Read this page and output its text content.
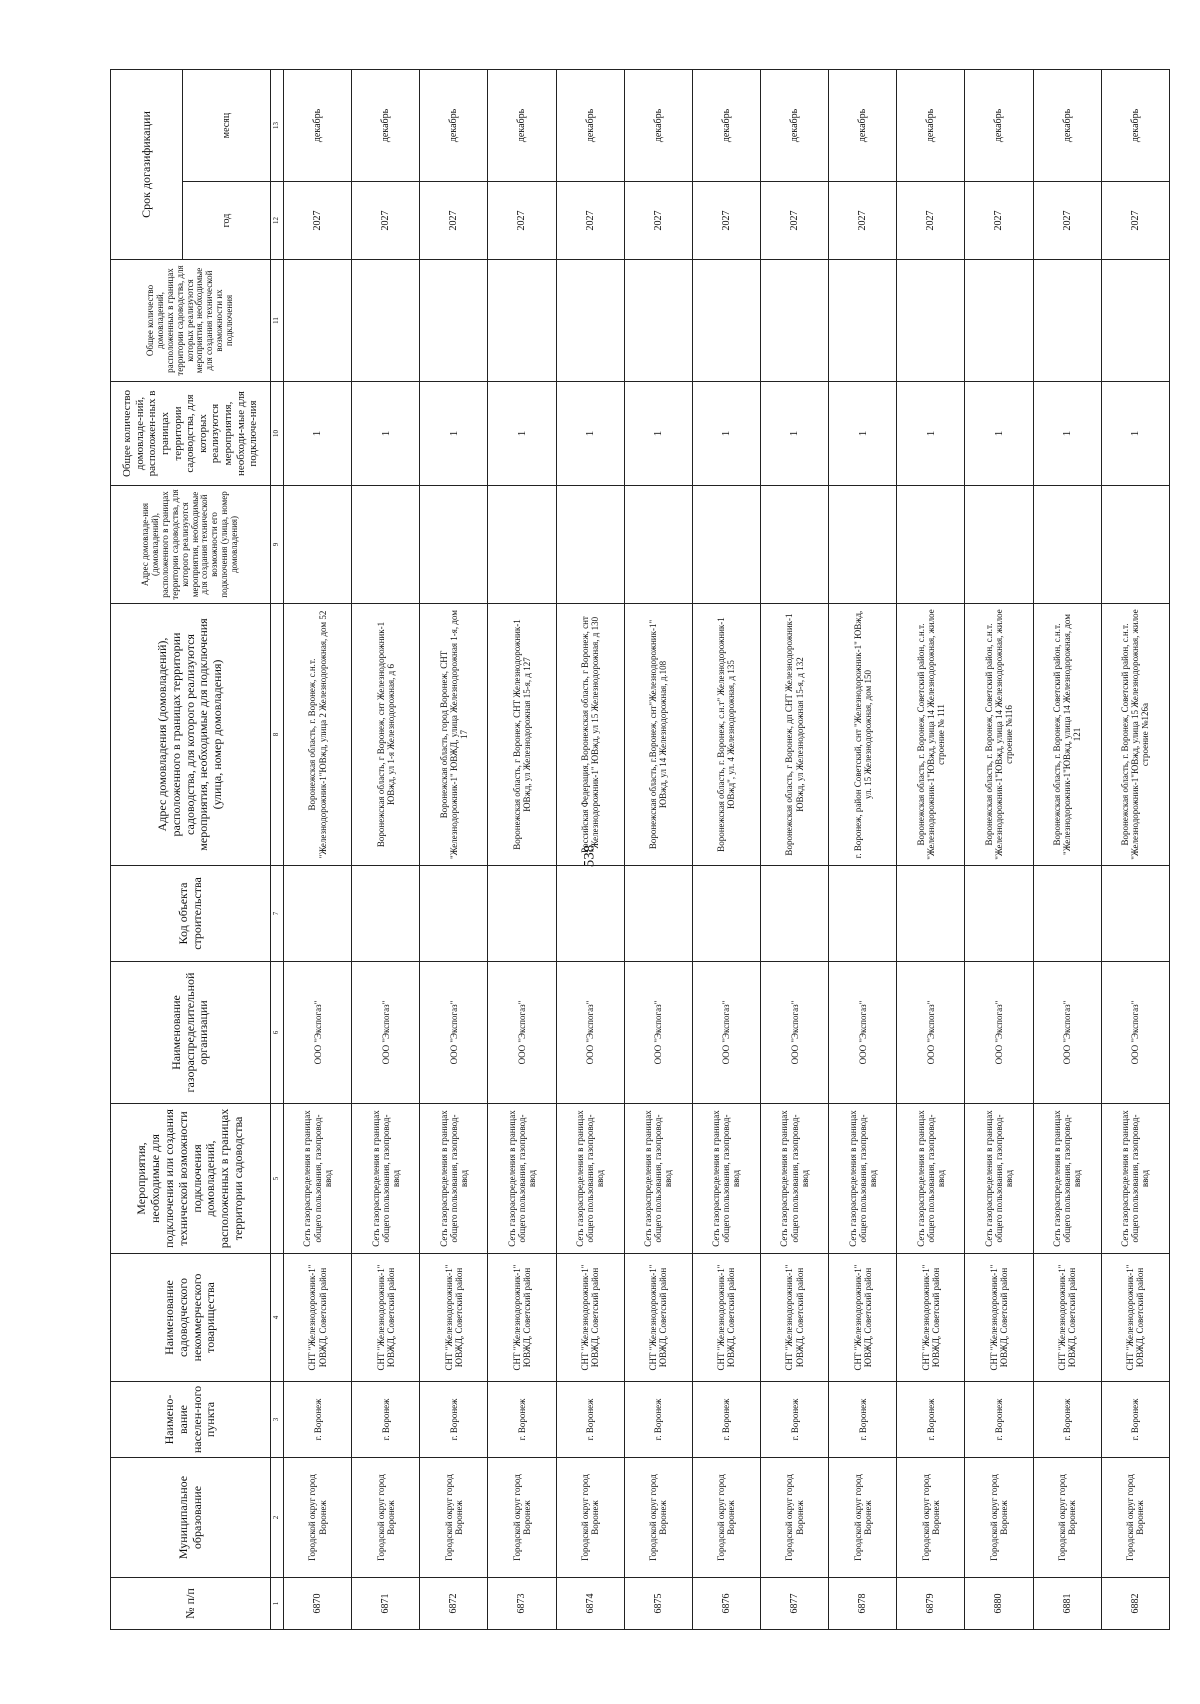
538
№ п/п	Муниципальное образование	Наимено-вание населен-ного пункта	Наименование садоводческого некоммерческого товарищества	Мероприятия, необходимые для подключения или создания технической возможности подключения домовладений, расположенных в границах территории садоводства	Наименование газораспределительной организации	Код объекта строительства	Адрес домовладения (домовладений), расположенного в границах территории садоводства, для которого реализуются мероприятия, необходимые для подключения (улица, номер домовладения)	Адрес домовладе-ния (домовладений), расположенного в границах территории садоводства, для которого реализуются мероприятия, необходимые для создания технической возможности его подключения (улица, номер домовладения)	Общее количество домовладе-ний, расположен-ных в границах территории садоводства, для которых реализуются мероприятия, необходи-мые для подключе-ния	Общее количество домовладений, расположенных в границах территории садоводства, для которых реализуются мероприятия, необходимые для создания технической возможности их подключения	Срок догазификации	
											год	месяц
1	2	3	4	5	6	7	8	9	10	11	12	13
6870	Городской округ город Воронеж	г. Воронеж	СНТ "Железнодорожник-1" ЮВЖД, Советский район	Сеть газораспределения в границах общего пользования, газопровод-ввод	ООО "Экспогаз"		Воронежская область, г. Воронеж, с.н.т. "Железнодорожник-1"ЮВжд, улица 2 Железнодорожная, дом 52		1		2027	декабрь
6871	Городской округ город Воронеж	г. Воронеж	СНТ "Железнодорожник-1" ЮВЖД, Советский район	Сеть газораспределения в границах общего пользования, газопровод-ввод	ООО "Экспогаз"		Воронежская область, г Воронеж, снт Железнодорожник-1 ЮВжд, ул 1-я Железнодорожная, д 6		1		2027	декабрь
6872	Городской округ город Воронеж	г. Воронеж	СНТ "Железнодорожник-1" ЮВЖД, Советский район	Сеть газораспределения в границах общего пользования, газопровод-ввод	ООО "Экспогаз"		Воронежская область, город Воронеж, СНТ "Железнодорожник-1" ЮВЖД, улица Железнодорожная 1-я, дом 17		1		2027	декабрь
6873	Городской округ город Воронеж	г. Воронеж	СНТ "Железнодорожник-1" ЮВЖД, Советский район	Сеть газораспределения в границах общего пользования, газопровод-ввод	ООО "Экспогаз"		Воронежская область, г Воронеж, СНТ Железнодорожник-1 ЮВжд, ул Железнодорожная 15-я, д 127		1		2027	декабрь
6874	Городской округ город Воронеж	г. Воронеж	СНТ "Железнодорожник-1" ЮВЖД, Советский район	Сеть газораспределения в границах общего пользования, газопровод-ввод	ООО "Экспогаз"		Российская Федерация, Воронежская область, г Воронеж, снт "Железнодорожник-1" ЮВжд, ул 15 Железнодорожная, д 130		1		2027	декабрь
6875	Городской округ город Воронеж	г. Воронеж	СНТ "Железнодорожник-1" ЮВЖД, Советский район	Сеть газораспределения в границах общего пользования, газопровод-ввод	ООО "Экспогаз"		Воронежская область, г.Воронеж, снт"Железнодорожник-1" ЮВжд, ул 14 Железнодорожная, д.108		1		2027	декабрь
6876	Городской округ город Воронеж	г. Воронеж	СНТ "Железнодорожник-1" ЮВЖД, Советский район	Сеть газораспределения в границах общего пользования, газопровод-ввод	ООО "Экспогаз"		Воронежская область, г. Воронеж, с.н.т" Железнодорожник-1 ЮВжд", ул. 4 Железнодорожная, д 135		1		2027	декабрь
6877	Городской округ город Воронеж	г. Воронеж	СНТ "Железнодорожник-1" ЮВЖД, Советский район	Сеть газораспределения в границах общего пользования, газопровод-ввод	ООО "Экспогаз"		Воронежская область, г Воронеж, дп СНТ Железнодорожник-1 ЮВжд, ул Железнодорожная 15-я, д 132		1		2027	декабрь
6878	Городской округ город Воронеж	г. Воронеж	СНТ "Железнодорожник-1" ЮВЖД, Советский район	Сеть газораспределения в границах общего пользования, газопровод-ввод	ООО "Экспогаз"		г. Воронеж, район Советский, снт "Железнодорожник-1" ЮВжд, ул. 15 Железнодорожная, дом 150		1		2027	декабрь
6879	Городской округ город Воронеж	г. Воронеж	СНТ "Железнодорожник-1" ЮВЖД, Советский район	Сеть газораспределения в границах общего пользования, газопровод-ввод	ООО "Экспогаз"		Воронежская область, г. Воронеж, Советский район, с.н.т. "Железнодорожник-1"ЮВжд, улица 14 Железнодорожная, жилое строение № 111		1		2027	декабрь
6880	Городской округ город Воронеж	г. Воронеж	СНТ "Железнодорожник-1" ЮВЖД, Советский район	Сеть газораспределения в границах общего пользования, газопровод-ввод	ООО "Экспогаз"		Воронежская область, г. Воронеж, Советский район, с.н.т. "Железнодорожник-1"ЮВжд, улица 14 Железнодорожная, жилое строение №116		1		2027	декабрь
6881	Городской округ город Воронеж	г. Воронеж	СНТ "Железнодорожник-1" ЮВЖД, Советский район	Сеть газораспределения в границах общего пользования, газопровод-ввод	ООО "Экспогаз"		Воронежская область, г. Воронеж, Советский район, с.н.т. "Железнодорожник-1"ЮВжд, улица 14 Железнодорожная, дом 121		1		2027	декабрь
6882	Городской округ город Воронеж	г. Воронеж	СНТ "Железнодорожник-1" ЮВЖД, Советский район	Сеть газораспределения в границах общего пользования, газопровод-ввод	ООО "Экспогаз"		Воронежская область, г. Воронеж, Советский район, с.н.т. "Железнодорожник-1"ЮВжд, улица 15 Железнодорожная, жилое строение №126а		1		2027	декабрь
